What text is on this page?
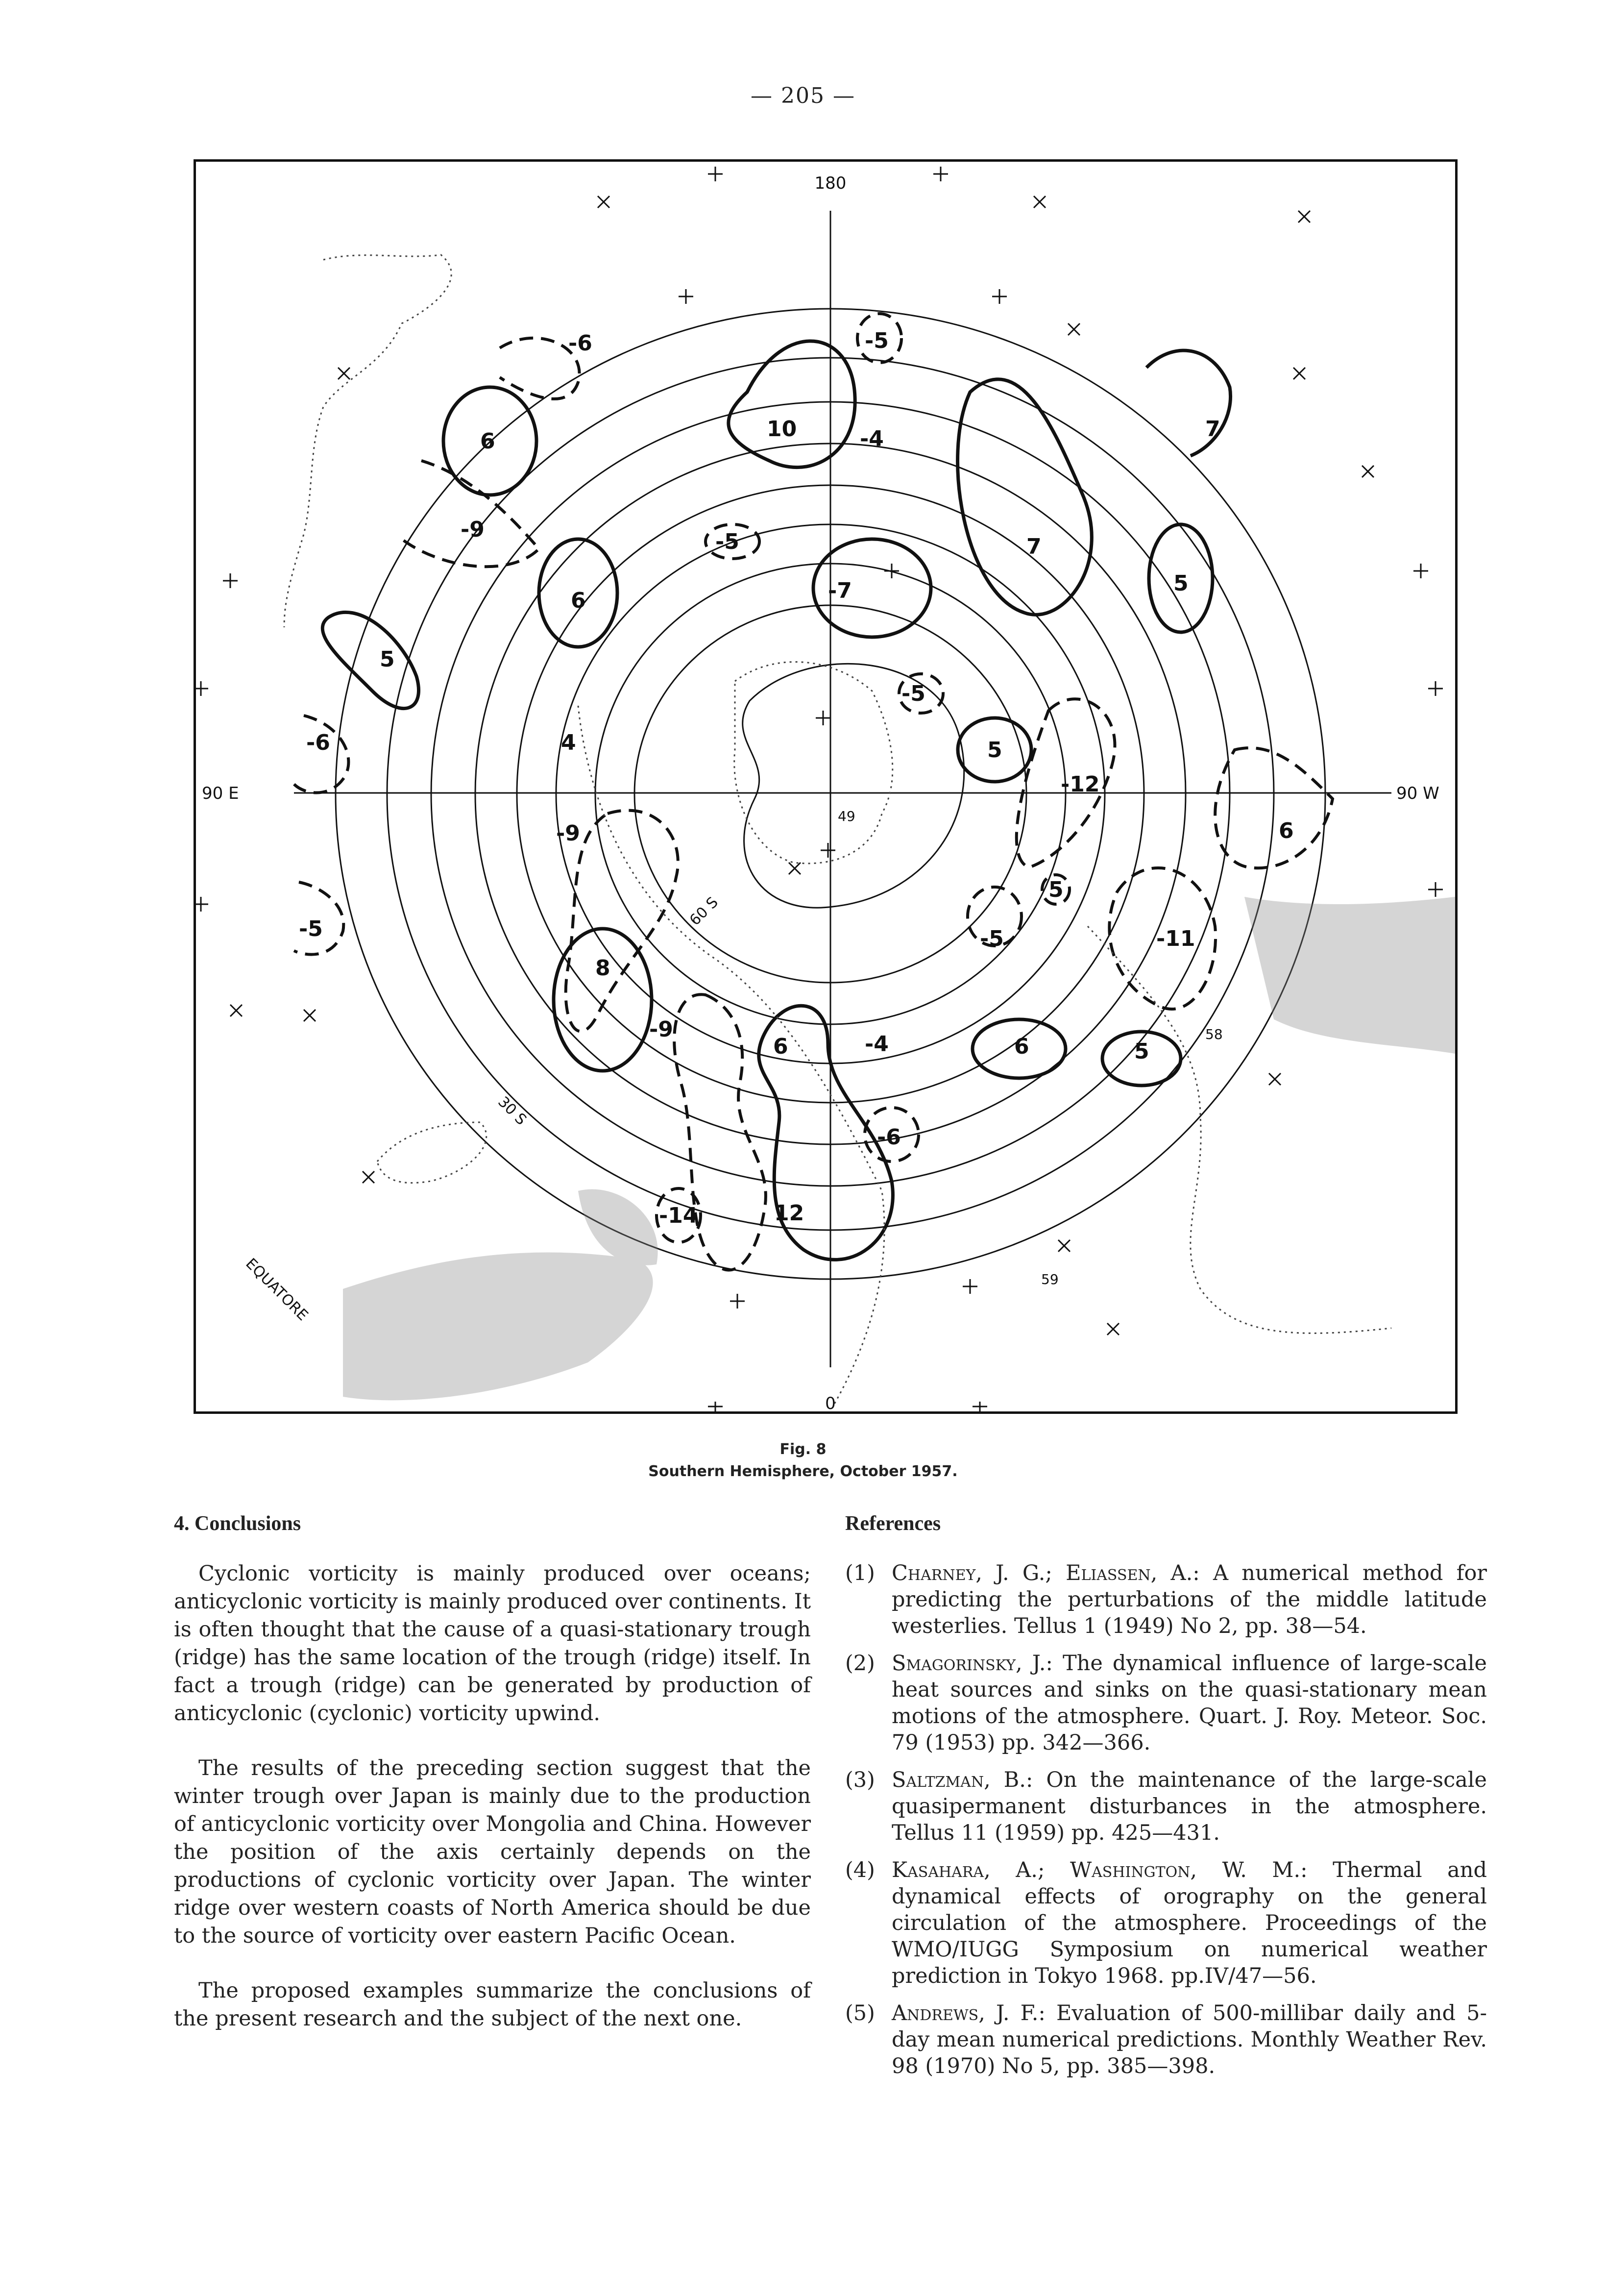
— 205 —
180
0
90 E	90 W
49
60 S
30 S
EQUATORE
58
59
-6	-5
6	10	-4
7
-9	-5
5
6	-7
5
-6
-5
5
4
-12
6
-9
5
-5	-11
-5
8
-9
6	-4	6	5
-6
-14	12
7
Fig. 8
Southern Hemisphere, October 1957.
4. Conclusions

Cyclonic vorticity is mainly produced over oceans; anticyclonic vorticity is mainly produced over continents. It is often thought that the cause of a quasi-stationary trough (ridge) has the same location of the trough (ridge) itself. In fact a trough (ridge) can be generated by production of anticyclonic (cyclonic) vorticity upwind.

The results of the preceding section suggest that the winter trough over Japan is mainly due to the production of anticyclonic vorticity over Mongolia and China. However the position of the axis certainly depends on the productions of cyclonic vorticity over Japan. The winter ridge over western coasts of North America should be due to the source of vorticity over eastern Pacific Ocean.

The proposed examples summarize the conclusions of the present research and the subject of the next one.

References
(1) Charney, J. G.; Eliassen, A.: A numerical method for predicting the perturbations of the middle latitude westerlies. Tellus 1 (1949) No 2, pp. 38—54.
(2) Smagorinsky, J.: The dynamical influence of large-scale heat sources and sinks on the quasi-stationary mean motions of the atmosphere. Quart. J. Roy. Meteor. Soc. 79 (1953) pp. 342—366.
(3) Saltzman, B.: On the maintenance of the large-scale quasipermanent disturbances in the atmosphere. Tellus 11 (1959) pp. 425—431.
(4) Kasahara, A.; Washington, W. M.: Thermal and dynamical effects of orography on the general circulation of the atmosphere. Proceedings of the WMO/IUGG Symposium on numerical weather prediction in Tokyo 1968. pp.IV/47—56.
(5) Andrews, J. F.: Evaluation of 500-millibar daily and 5-day mean numerical predictions. Monthly Weather Rev. 98 (1970) No 5, pp. 385—398.
